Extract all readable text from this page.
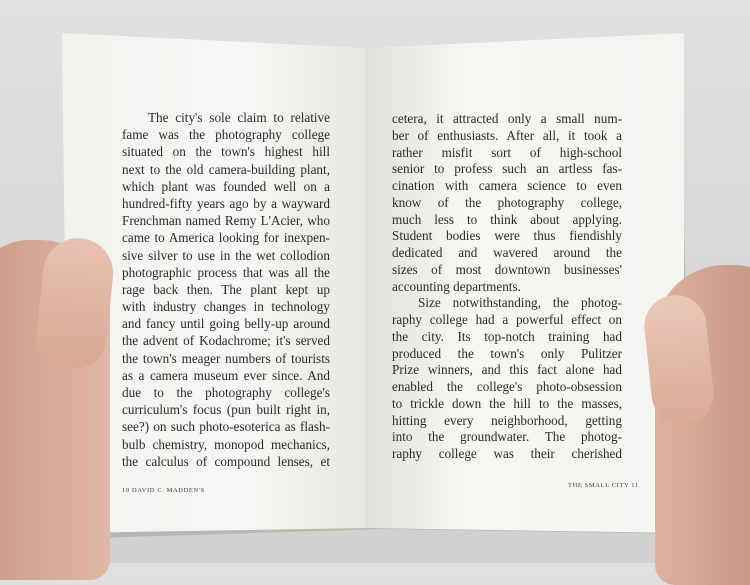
The city's sole claim to relative
fame was the photography college
situated on the town's highest hill
next to the old camera-building plant,
which plant was founded well on a
hundred-fifty years ago by a wayward
Frenchman named Remy L'Acier, who
came to America looking for inexpen-
sive silver to use in the wet collodion
photographic process that was all the
rage back then. The plant kept up
with industry changes in technology
and fancy until going belly-up around
the advent of Kodachrome; it's served
the town's meager numbers of tourists
as a camera museum ever since. And
due to the photography college's
curriculum's focus (pun built right in,
see?) on such photo-esoterica as flash-
bulb chemistry, monopod mechanics,
the calculus of compound lenses, et
cetera, it attracted only a small num-
ber of enthusiasts. After all, it took a
rather misfit sort of high-school
senior to profess such an artless fas-
cination with camera science to even
know of the photography college,
much less to think about applying.
Student bodies were thus fiendishly
dedicated and wavered around the
sizes of most downtown businesses'
accounting departments.
Size notwithstanding, the photog-
raphy college had a powerful effect on
the city. Its top-notch training had
produced the town's only Pulitzer
Prize winners, and this fact alone had
enabled the college's photo-obsession
to trickle down the hill to the masses,
hitting every neighborhood, getting
into the groundwater. The photog-
raphy college was their cherished
10 DAVID C. MADDEN'S
THE SMALL CITY 11
